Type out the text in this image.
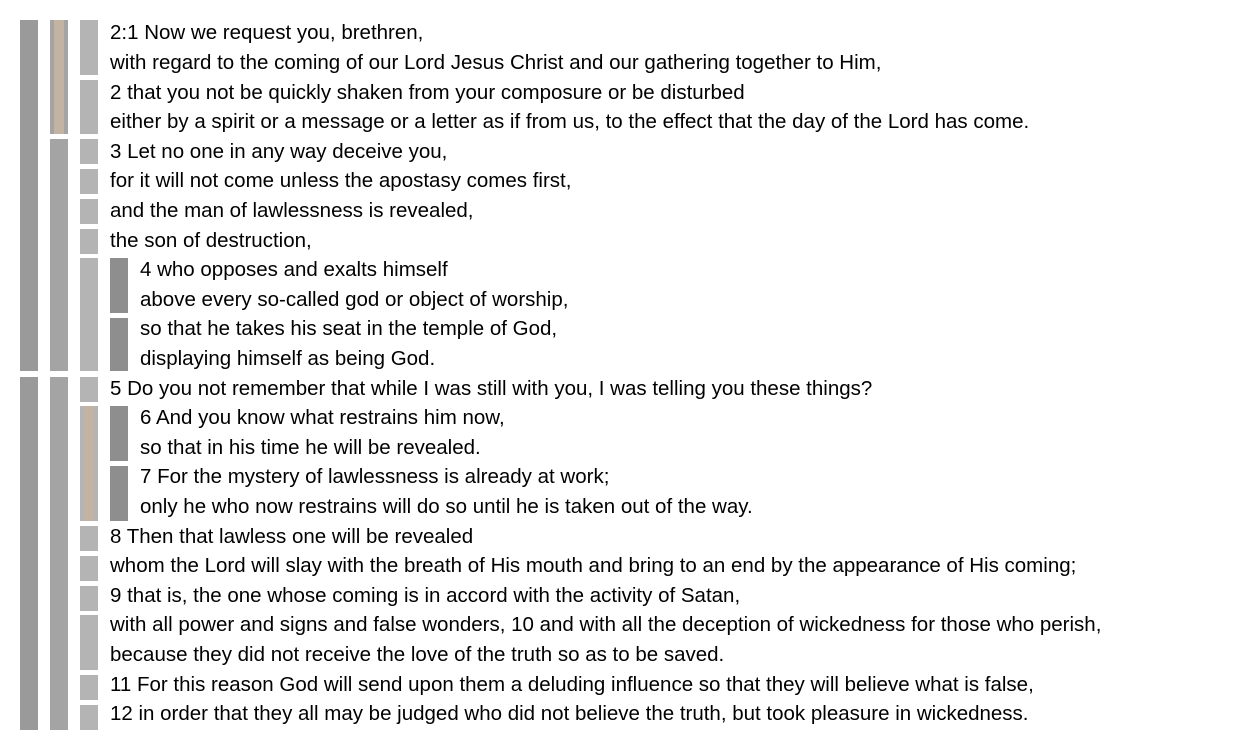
2:1 Now we request you, brethren,
with regard to the coming of our Lord Jesus Christ and our gathering together to Him,
2 that you not be quickly shaken from your composure or be disturbed
either by a spirit or a message or a letter as if from us, to the effect that the day of the Lord has come.
3 Let no one in any way deceive you,
for it will not come unless the apostasy comes first,
and the man of lawlessness is revealed,
the son of destruction,
4 who opposes and exalts himself
above every so-called god or object of worship,
so that he takes his seat in the temple of God,
displaying himself as being God.
5 Do you not remember that while I was still with you, I was telling you these things?
6 And you know what restrains him now,
so that in his time he will be revealed.
7 For the mystery of lawlessness is already at work;
only he who now restrains will do so until he is taken out of the way.
8 Then that lawless one will be revealed
whom the Lord will slay with the breath of His mouth and bring to an end by the appearance of His coming;
9 that is, the one whose coming is in accord with the activity of Satan,
with all power and signs and false wonders, 10 and with all the deception of wickedness for those who perish,
because they did not receive the love of the truth so as to be saved.
11 For this reason God will send upon them a deluding influence so that they will believe what is false,
12 in order that they all may be judged who did not believe the truth, but took pleasure in wickedness.
